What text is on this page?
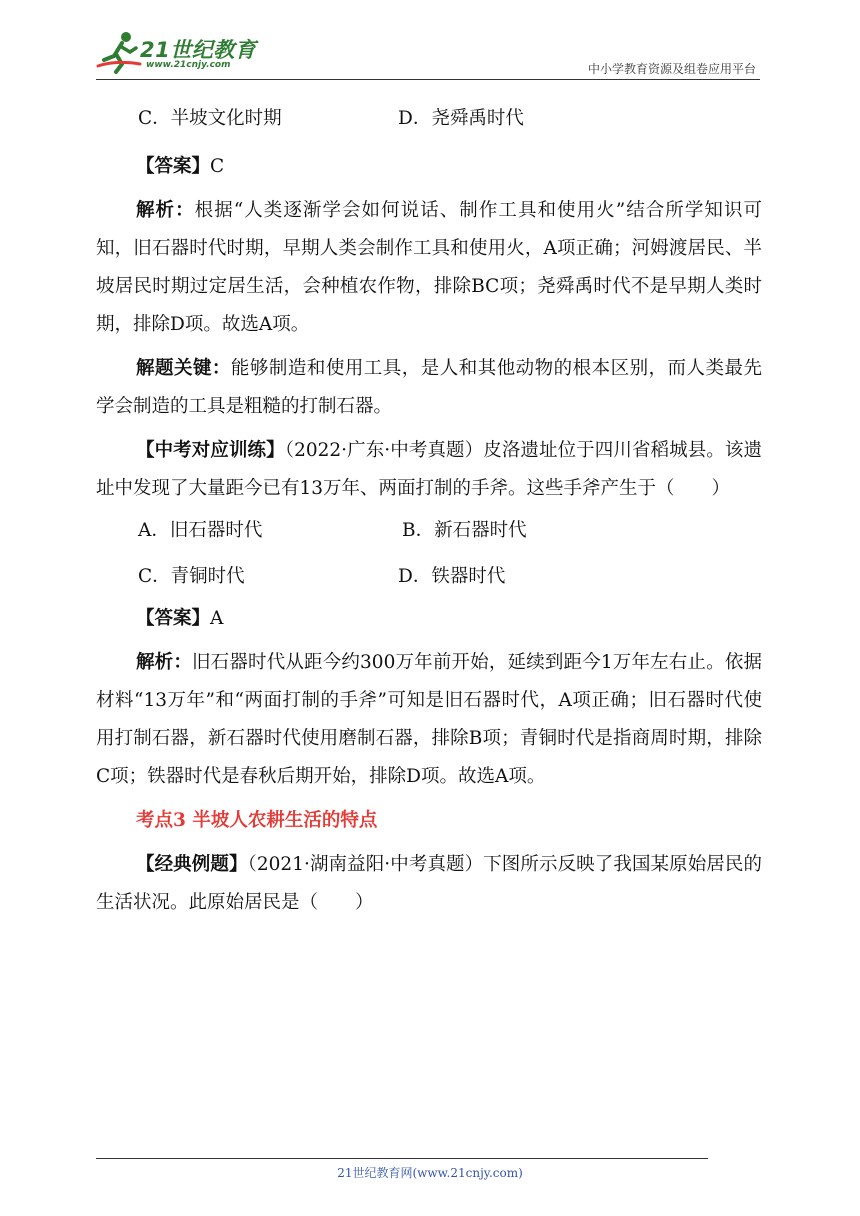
21世纪教育
www.21cnjy.com	中小学教育资源及组卷应用平台
C．半坡文化时期	D．尧舜禹时代

【答案】C

解析：根据“人类逐渐学会如何说话、制作工具和使用火”结合所学知识可知，旧石器时代时期，早期人类会制作工具和使用火，A项正确；河姆渡居民、半坡居民时期过定居生活，会种植农作物，排除BC项；尧舜禹时代不是早期人类时期，排除D项。故选A项。

解题关键：能够制造和使用工具，是人和其他动物的根本区别，而人类最先学会制造的工具是粗糙的打制石器。

【中考对应训练】（2022·广东·中考真题）皮洛遗址位于四川省稻城县。该遗址中发现了大量距今已有13万年、两面打制的手斧。这些手斧产生于（　　）

A．旧石器时代	B．新石器时代
C．青铜时代	D．铁器时代

【答案】A

解析：旧石器时代从距今约300万年前开始，延续到距今1万年左右止。依据材料“13万年”和“两面打制的手斧”可知是旧石器时代，A项正确；旧石器时代使用打制石器，新石器时代使用磨制石器，排除B项；青铜时代是指商周时期，排除C项；铁器时代是春秋后期开始，排除D项。故选A项。

考点3 半坡人农耕生活的特点

【经典例题】（2021·湖南益阳·中考真题）下图所示反映了我国某原始居民的生活状况。此原始居民是（　　）

21世纪教育网(www.21cnjy.com)
